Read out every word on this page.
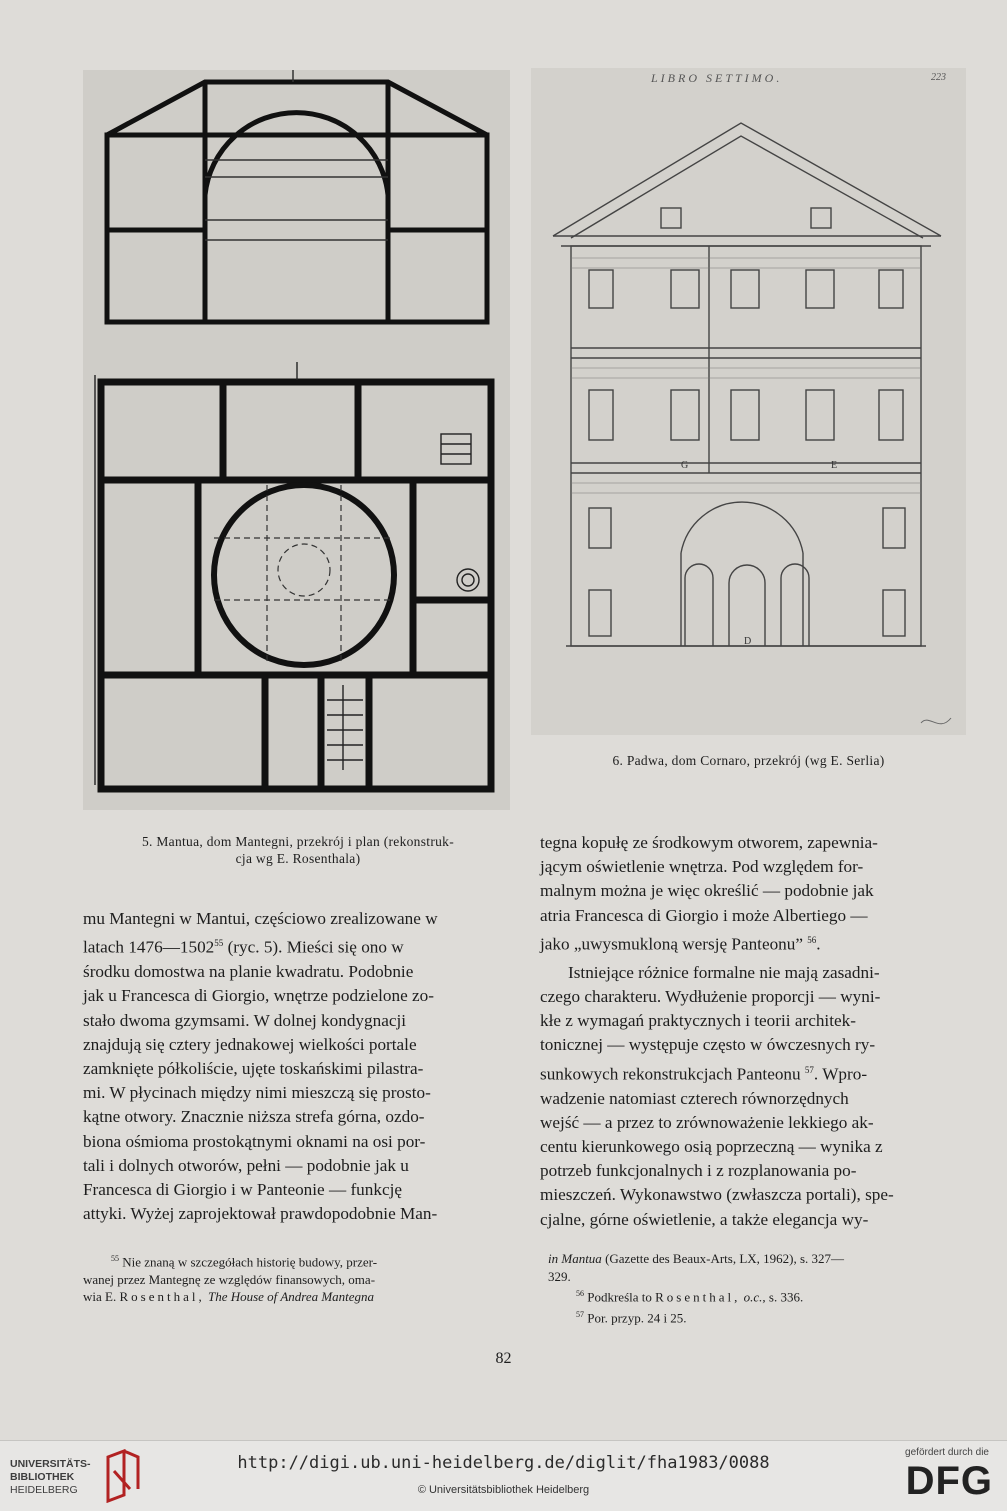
LIBRO SETTIMO.	223
G	E
D
6. Padwa, dom Cornaro, przekrój (wg E. Serlia)
5. Mantua, dom Mantegni, przekrój i plan (rekonstruk-
cja wg E. Rosenthala)

mu Mantegni w Mantui, częściowo zrealizowane w

latach 1476—1502$^{55}$ (ryc. 5). Mieści się ono w

środku domostwa na planie kwadratu. Podobnie

jak u Francesca di Giorgio, wnętrze podzielone zo-

stało dwoma gzymsami. W dolnej kondygnacji

znajdują się cztery jednakowej wielkości portale

zamknięte półkoliście, ujęte toskańskimi pilastra-

mi. W płycinach między nimi mieszczą się prosto-

kątne otwory. Znacznie niższa strefa górna, ozdo-

biona ośmioma prostokątnymi oknami na osi por-

tali i dolnych otworów, pełni — podobnie jak u

Francesca di Giorgio i w Panteonie — funkcję

attyki. Wyżej zaprojektował prawdopodobnie Man-

tegna kopułę ze środkowym otworem, zapewnia-

jącym oświetlenie wnętrza. Pod względem for-

malnym można je więc określić — podobnie jak

atria Francesca di Giorgio i może Albertiego —

jako „uwysmukloną wersję Panteonu” $^{56}$.

Istniejące różnice formalne nie mają zasadni-

czego charakteru. Wydłużenie proporcji — wyni-

kłe z wymagań praktycznych i teorii architek-

tonicznej — występuje często w ówczesnych ry-

sunkowych rekonstrukcjach Panteonu $^{57}$. Wpro-

wadzenie natomiast czterech równorzędnych

wejść — a przez to zrównoważenie lekkiego ak-

centu kierunkowego osią poprzeczną — wynika z

potrzeb funkcjonalnych i z rozplanowania po-

mieszczeń. Wykonawstwo (zwłaszcza portali), spe-

cjalne, górne oświetlenie, a także elegancja wy-

$^{55}$ Nie znaną w szczegółach historię budowy, przer-

wanej przez Mantegnę ze względów finansowych, oma-

wia E. Rosenthal, The House of Andrea Mantegna

in Mantua (Gazette des Beaux-Arts, LX, 1962), s. 327—

329.

$^{56}$ Podkreśla to Rosenthal, o.c., s. 336.

$^{57}$ Por. przyp. 24 i 25.

82
UNIVERSITÄTS-
BIBLIOTHEK
HEIDELBERG
http://digi.ub.uni-heidelberg.de/diglit/fha1983/0088
© Universitätsbibliothek Heidelberg
gefördert durch die
DFG
